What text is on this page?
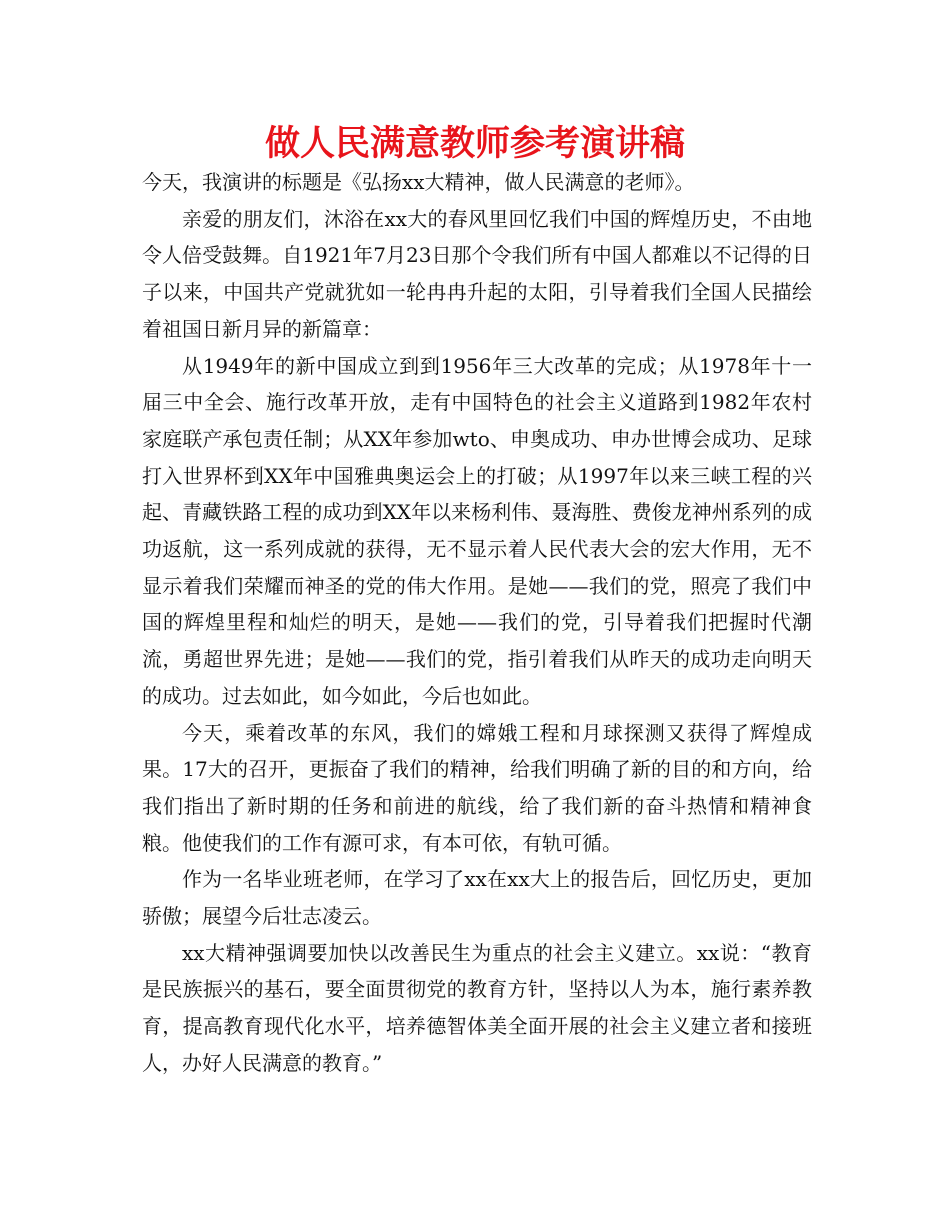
做人民满意教师参考演讲稿

今天，我演讲的标题是《弘扬xx大精神，做人民满意的老师》。

亲爱的朋友们，沐浴在xx大的春风里回忆我们中国的辉煌历史，不由地令人倍受鼓舞。自1921年7月23日那个令我们所有中国人都难以不记得的日子以来，中国共产党就犹如一轮冉冉升起的太阳，引导着我们全国人民描绘着祖国日新月异的新篇章：

从1949年的新中国成立到到1956年三大改革的完成；从1978年十一届三中全会、施行改革开放，走有中国特色的社会主义道路到1982年农村家庭联产承包责任制；从XX年参加wto、申奥成功、申办世博会成功、足球打入世界杯到XX年中国雅典奥运会上的打破；从1997年以来三峡工程的兴起、青藏铁路工程的成功到XX年以来杨利伟、聂海胜、费俊龙神州系列的成功返航，这一系列成就的获得，无不显示着人民代表大会的宏大作用，无不显示着我们荣耀而神圣的党的伟大作用。是她——我们的党，照亮了我们中国的辉煌里程和灿烂的明天，是她——我们的党，引导着我们把握时代潮流，勇超世界先进；是她——我们的党，指引着我们从昨天的成功走向明天的成功。过去如此，如今如此，今后也如此。

今天，乘着改革的东风，我们的嫦娥工程和月球探测又获得了辉煌成果。17大的召开，更振奋了我们的精神，给我们明确了新的目的和方向，给我们指出了新时期的任务和前进的航线，给了我们新的奋斗热情和精神食粮。他使我们的工作有源可求，有本可依，有轨可循。

作为一名毕业班老师，在学习了xx在xx大上的报告后，回忆历史，更加骄傲；展望今后壮志凌云。

xx大精神强调要加快以改善民生为重点的社会主义建立。xx说：“教育是民族振兴的基石，要全面贯彻党的教育方针，坚持以人为本，施行素养教育，提高教育现代化水平，培养德智体美全面开展的社会主义建立者和接班人，办好人民满意的教育。”
